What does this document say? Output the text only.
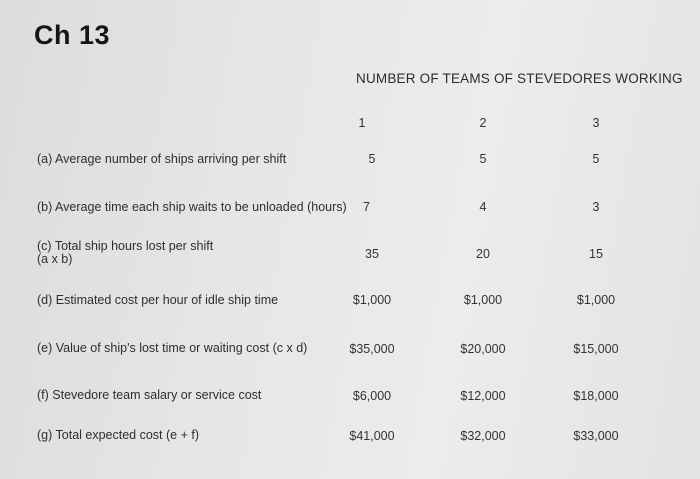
Ch 13
NUMBER OF TEAMS OF STEVEDORES WORKING
1	2	3
(a) Average number of ships arriving per shift	5	5	5
(b) Average time each ship waits to be unloaded (hours) 7	4	3
(c) Total ship hours lost per shift
(a x b)	35	20	15
(d) Estimated cost per hour of idle ship time	$1,000	$1,000	$1,000
(e) Value of ship's lost time or waiting cost (c x d)	$35,000	$20,000	$15,000
(f) Stevedore team salary or service cost	$6,000	$12,000	$18,000
(g) Total expected cost (e + f)	$41,000	$32,000	$33,000
